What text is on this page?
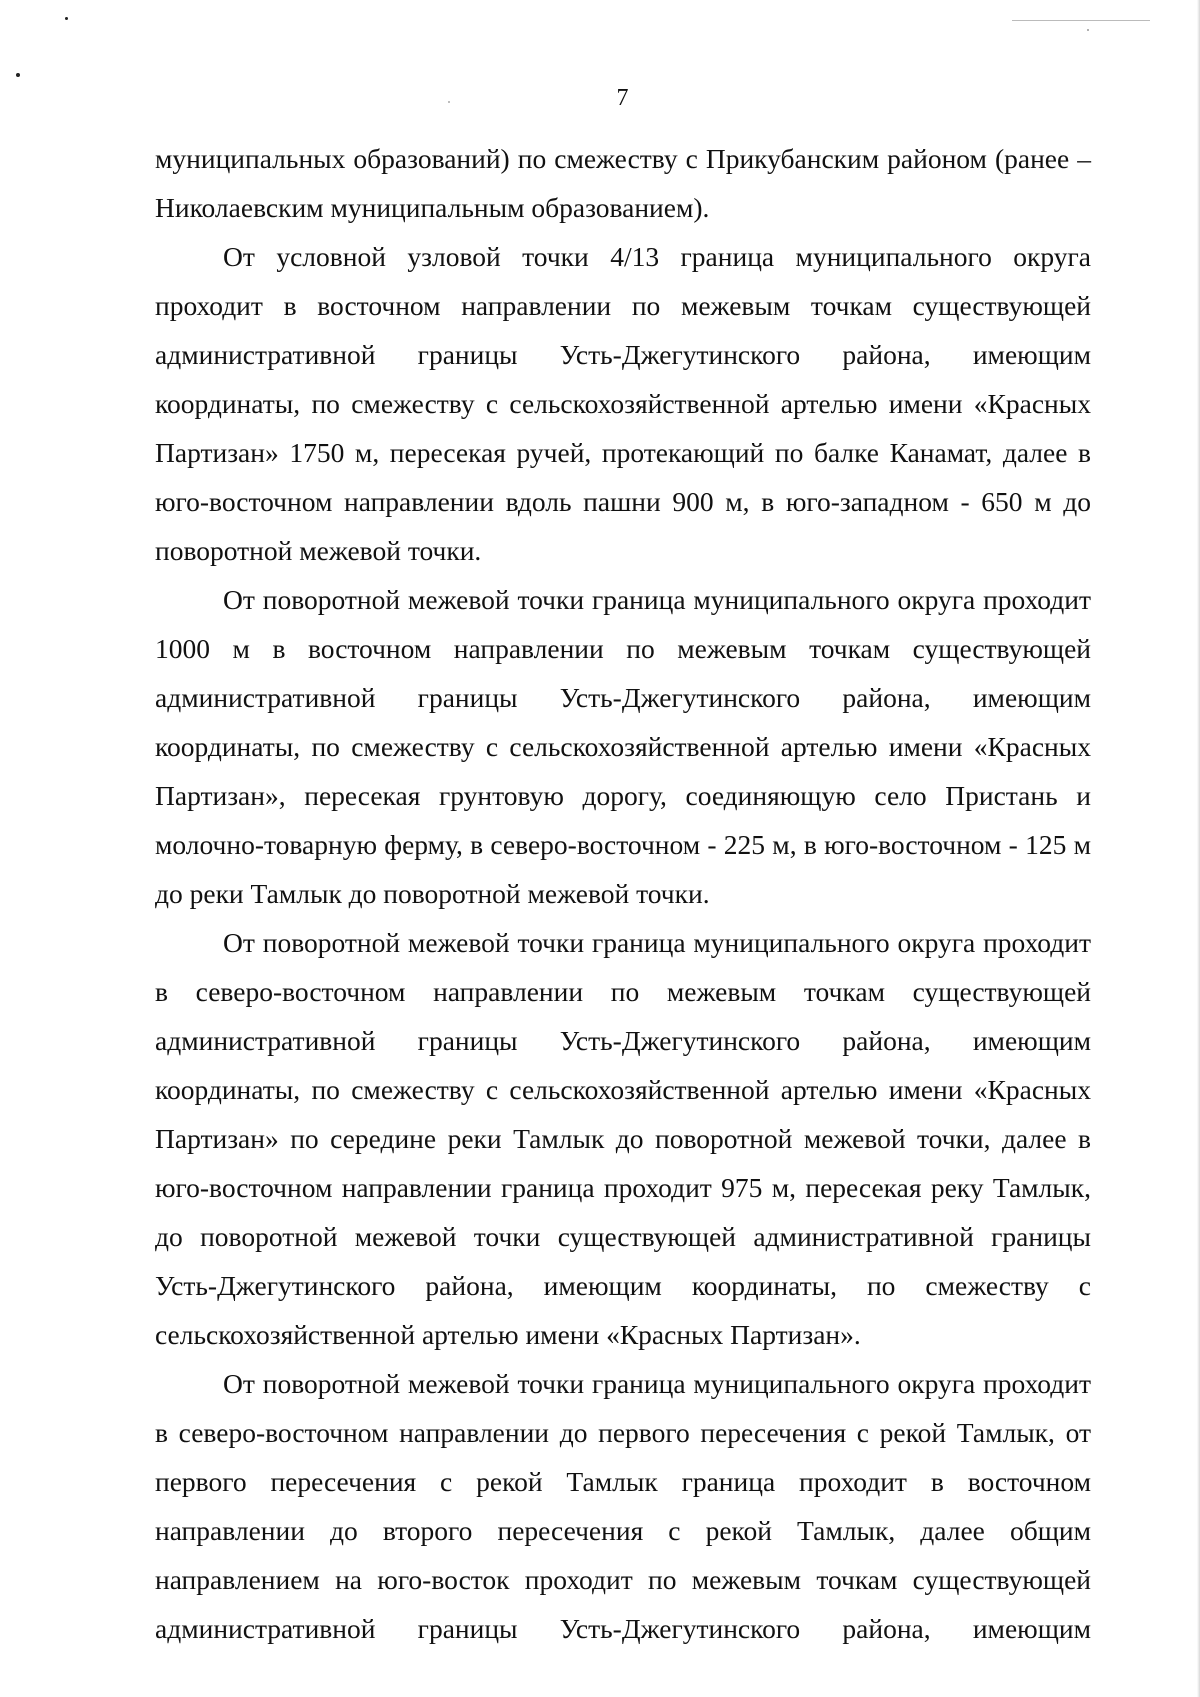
7

муниципальных образований) по смежеству с Прикубанским районом (ранее – Николаевским муниципальным образованием).

От условной узловой точки 4/13 граница муниципального округа проходит в восточном направлении по межевым точкам существующей административной границы Усть-Джегутинского района, имеющим координаты, по смежеству с сельскохозяйственной артелью имени «Красных Партизан» 1750 м, пересекая ручей, протекающий по балке Канамат, далее в юго-восточном направлении вдоль пашни 900 м, в юго-западном - 650 м до поворотной межевой точки.

От поворотной межевой точки граница муниципального округа проходит 1000 м в восточном направлении по межевым точкам существующей административной границы Усть-Джегутинского района, имеющим координаты, по смежеству с сельскохозяйственной артелью имени «Красных Партизан», пересекая грунтовую дорогу, соединяющую село Пристань и молочно-товарную ферму, в северо-восточном - 225 м, в юго-восточном - 125 м до реки Тамлык до поворотной межевой точки.

От поворотной межевой точки граница муниципального округа проходит в северо-восточном направлении по межевым точкам существующей административной границы Усть-Джегутинского района, имеющим координаты, по смежеству с сельскохозяйственной артелью имени «Красных Партизан» по середине реки Тамлык до поворотной межевой точки, далее в юго-восточном направлении граница проходит 975 м, пересекая реку Тамлык, до поворотной межевой точки существующей административной границы Усть-Джегутинского района, имеющим координаты, по смежеству с сельскохозяйственной артелью имени «Красных Партизан».

От поворотной межевой точки граница муниципального округа проходит в северо-восточном направлении до первого пересечения с рекой Тамлык, от первого пересечения с рекой Тамлык граница проходит в восточном направлении до второго пересечения с рекой Тамлык, далее общим направлением на юго-восток проходит по межевым точкам существующей административной границы Усть-Джегутинского района, имеющим
